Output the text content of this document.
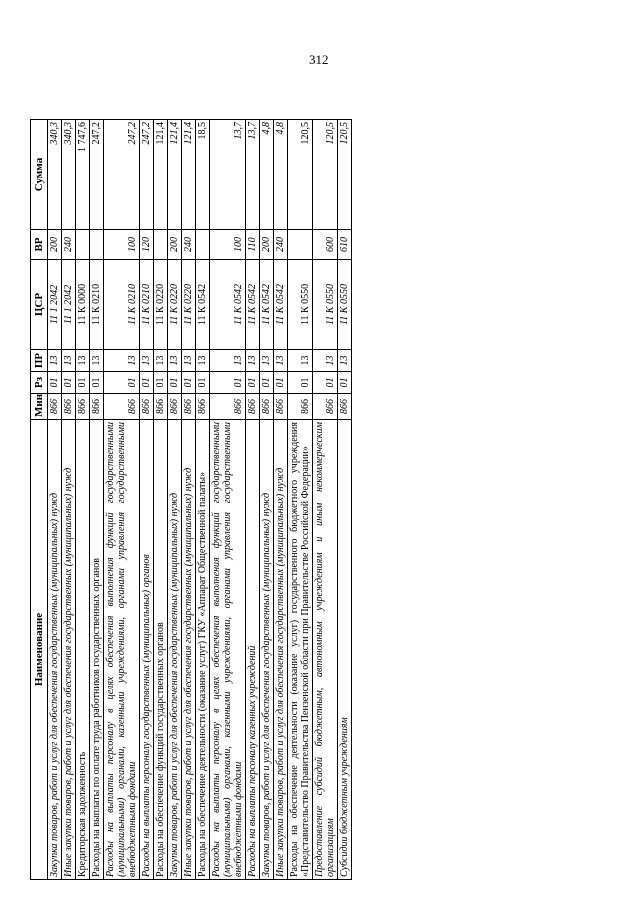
312
Наименование	Мин	Рз	ПР	ЦСР	ВР	Сумма
Закупка товаров, работ и услуг для обеспечения государственных (муниципальных) нужд	866	01	13	11 1 2042	200	340,3
Иные закупки товаров, работ и услуг для обеспечения государственных (муниципальных) нужд	866	01	13	11 1 2042	240	340,3
Кредиторская задолженность	866	01	13	11 К 0000		1 747,6
Расходы на выплаты по оплате труда работников государственных органов	866	01	13	11 К 0210		247,2
Расходы на выплаты персоналу в целях обеспечения выполнения функций государственными (муниципальными) органами, казенными учреждениями, органами управления государственными внебюджетными фондами	866	01	13	11 К 0210	100	247,2
Расходы на выплаты персоналу государственных (муниципальных) органов	866	01	13	11 К 0210	120	247,2
Расходы на обеспечение функций государственных органов	866	01	13	11 К 0220		121,4
Закупка товаров, работ и услуг для обеспечения государственных (муниципальных) нужд	866	01	13	11 К 0220	200	121,4
Иные закупки товаров, работ и услуг для обеспечения государственных (муниципальных) нужд	866	01	13	11 К 0220	240	121,4
Расходы на обеспечение деятельности (оказание услуг) ГКУ «Аппарат Общественной палаты»	866	01	13	11 К 0542		18,5
Расходы на выплаты персоналу в целях обеспечения выполнения функций государственными (муниципальными) органами, казенными учреждениями, органами управления государственными внебюджетными фондами	866	01	13	11 К 0542	100	13,7
Расходы на выплаты персоналу казенных учреждений	866	01	13	11 К 0542	110	13,7
Закупка товаров, работ и услуг для обеспечения государственных (муниципальных) нужд	866	01	13	11 К 0542	200	4,8
Иные закупки товаров, работ и услуг для обеспечения государственных (муниципальных) нужд	866	01	13	11 К 0542	240	4,8
Расходы на обеспечение деятельности (оказание услуг) государственного бюджетного учреждения «Представительство Правительства Пензенской области при Правительстве Российской Федерации»	866	01	13	11 К 0550		120,5
Предоставление субсидий бюджетным, автономным учреждениям и иным некоммерческим организациям	866	01	13	11 К 0550	600	120,5
Субсидии бюджетным учреждениям	866	01	13	11 К 0550	610	120,5
